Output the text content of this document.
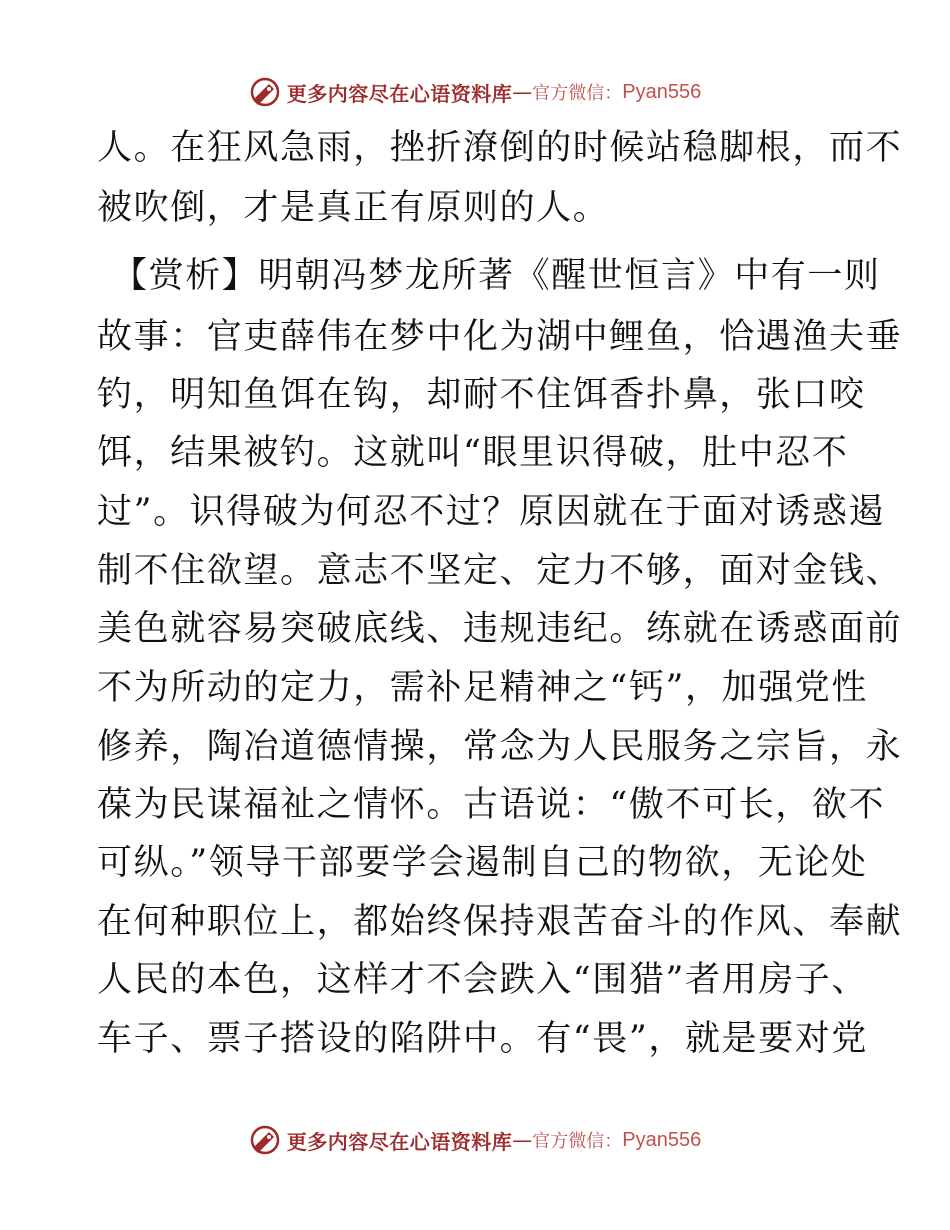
更多内容尽在心语资料库 — 官方微信： Pyan556
人。在狂风急雨，挫折潦倒的时候站稳脚根，而不
被吹倒，才是真正有原则的人。
【赏析】明朝冯梦龙所著《醒世恒言》中有一则
故事：官吏薛伟在梦中化为湖中鲤鱼，恰遇渔夫垂
钓，明知鱼饵在钩，却耐不住饵香扑鼻，张口咬
饵，结果被钓。这就叫“眼里识得破，肚中忍不
过”。识得破为何忍不过？原因就在于面对诱惑遏
制不住欲望。意志不坚定、定力不够，面对金钱、
美色就容易突破底线、违规违纪。练就在诱惑面前
不为所动的定力，需补足精神之“钙”，加强党性
修养，陶冶道德情操，常念为人民服务之宗旨，永
葆为民谋福祉之情怀。古语说：“傲不可长，欲不
可纵。”领导干部要学会遏制自己的物欲，无论处
在何种职位上，都始终保持艰苦奋斗的作风、奉献
人民的本色，这样才不会跌入“围猎”者用房子、
车子、票子搭设的陷阱中。有“畏”，就是要对党
更多内容尽在心语资料库 — 官方微信： Pyan556
